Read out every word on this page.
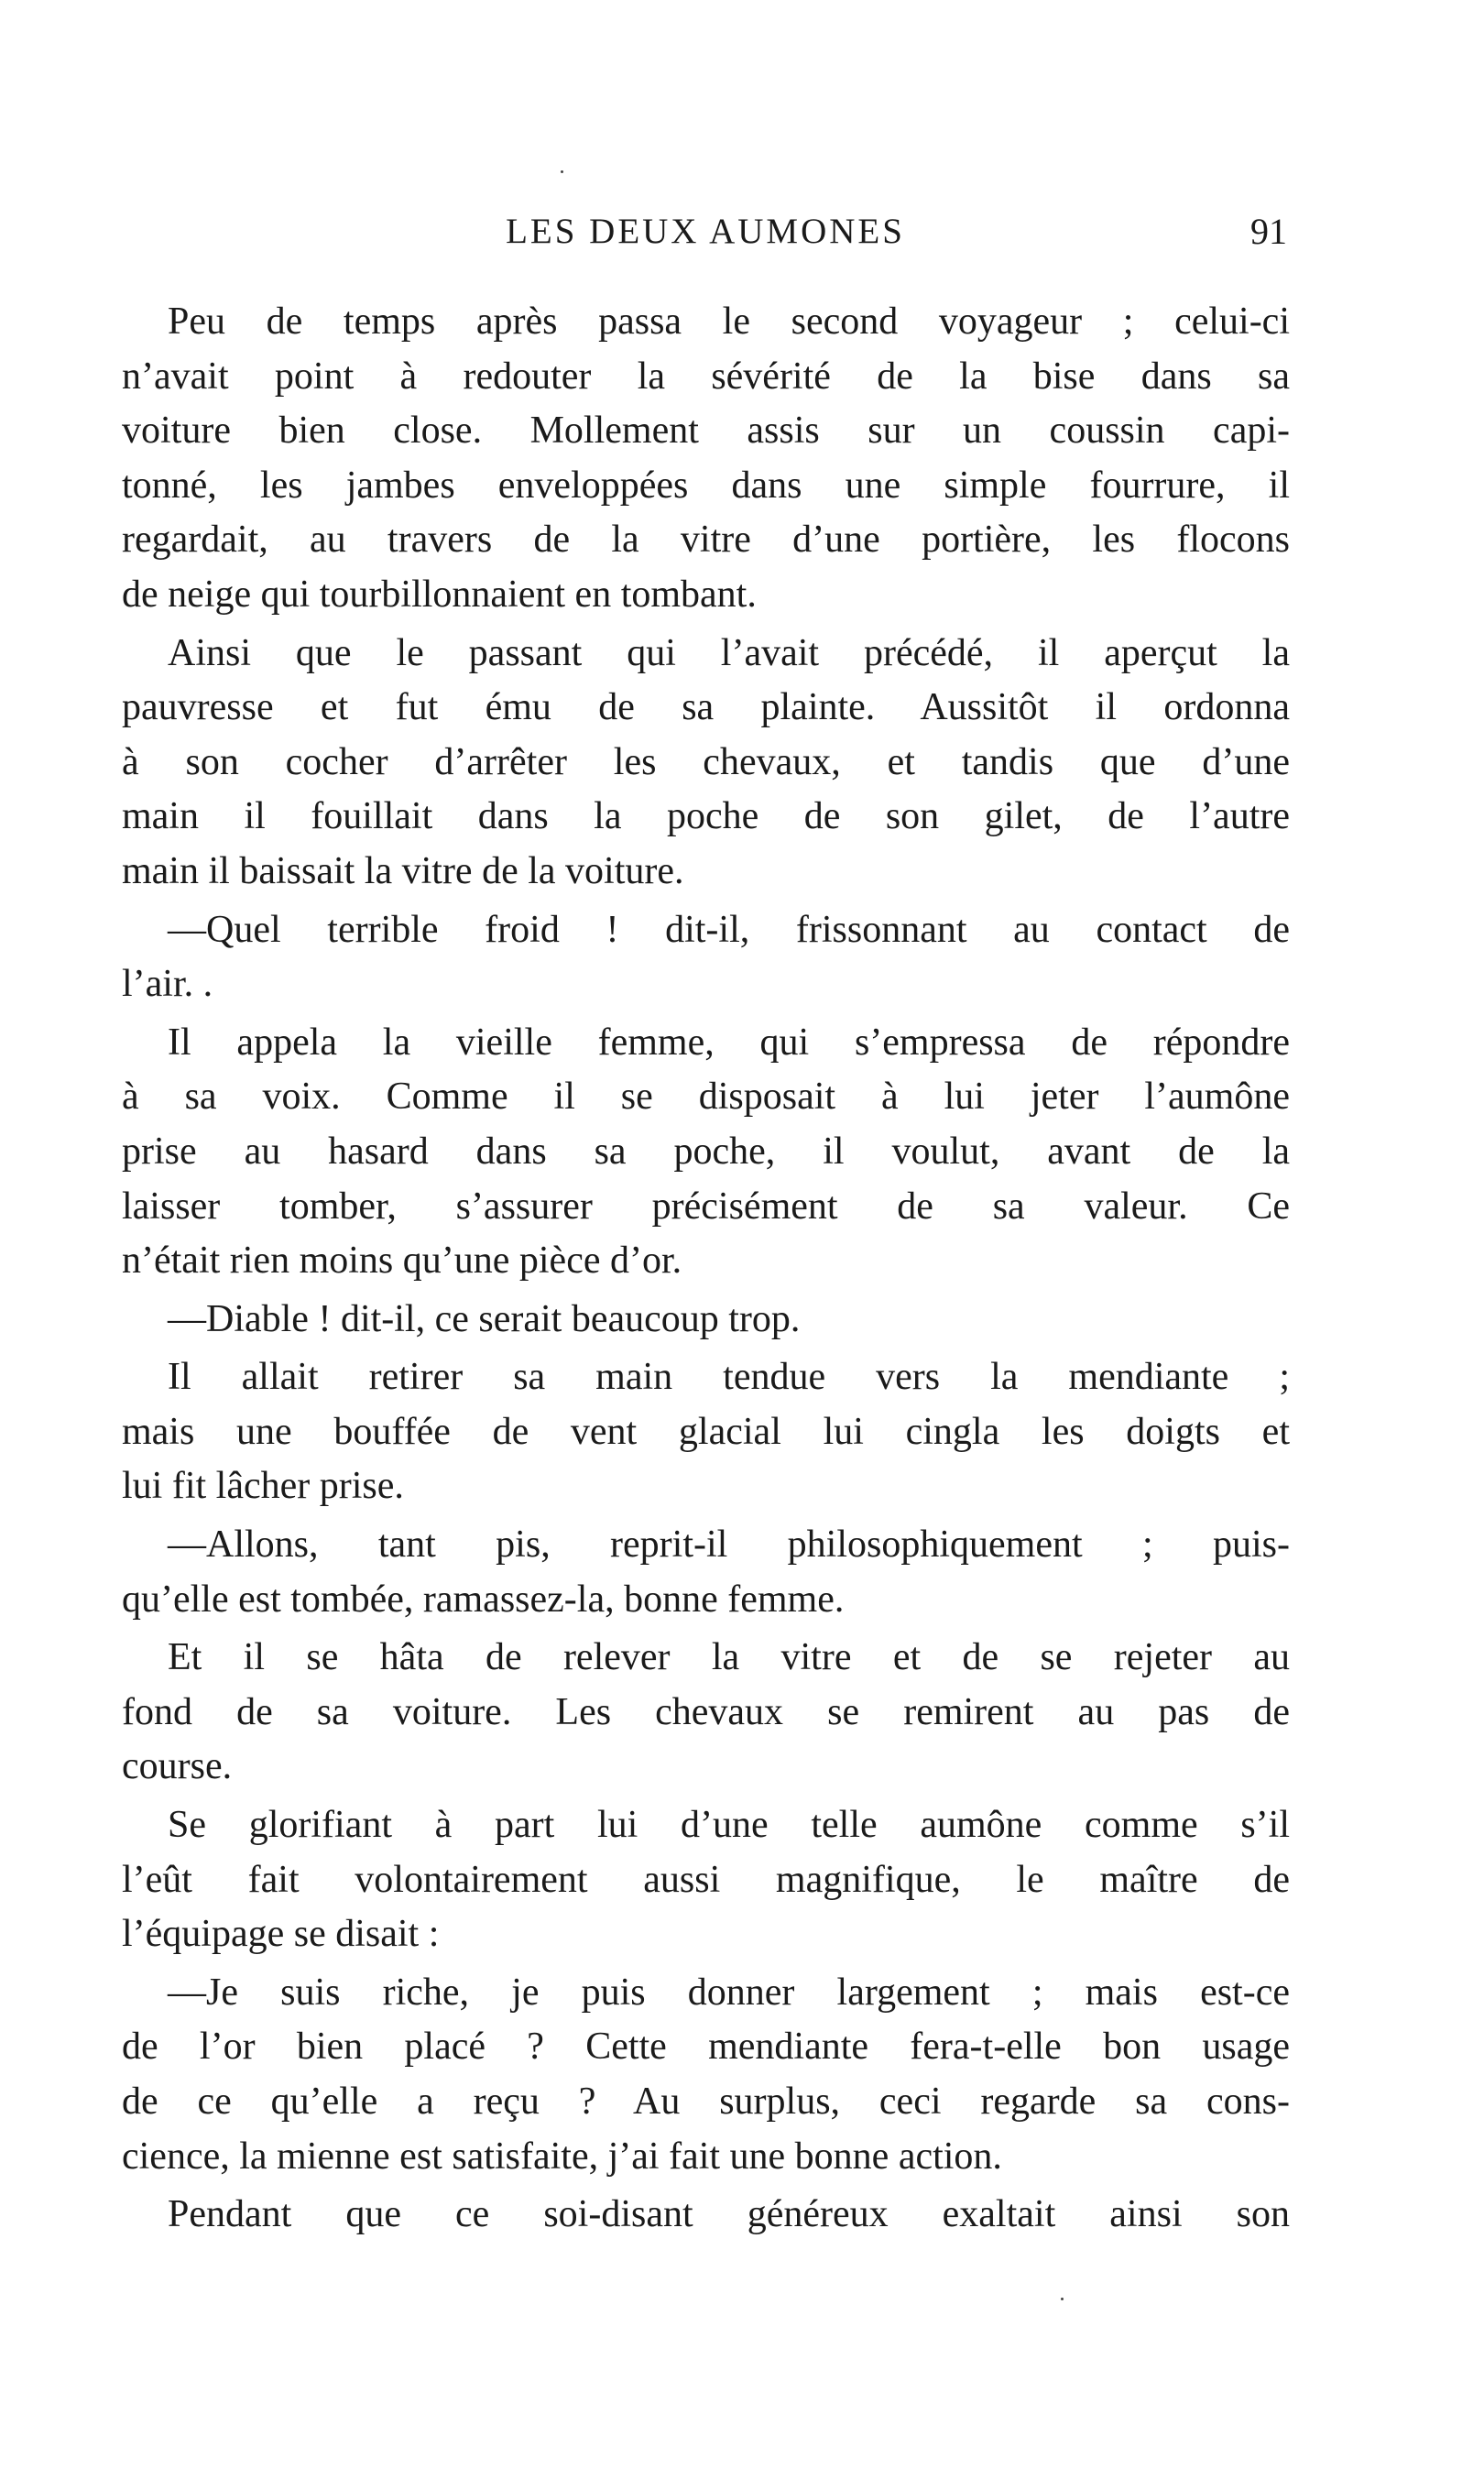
LES DEUX AUMONES	91
Peu de temps après passa le second voyageur ; celui-ci
n’avait point à redouter la sévérité de la bise dans sa
voiture bien close. Mollement assis sur un coussin capi-
tonné, les jambes enveloppées dans une simple fourrure, il
regardait, au travers de la vitre d’une portière, les flocons
de neige qui tourbillonnaient en tombant.
Ainsi que le passant qui l’avait précédé, il aperçut la
pauvresse et fut ému de sa plainte. Aussitôt il ordonna
à son cocher d’arrêter les chevaux, et tandis que d’une
main il fouillait dans la poche de son gilet, de l’autre
main il baissait la vitre de la voiture.
—Quel terrible froid ! dit-il, frissonnant au contact de
l’air. .
Il appela la vieille femme, qui s’empressa de répondre
à sa voix. Comme il se disposait à lui jeter l’aumône
prise au hasard dans sa poche, il voulut, avant de la
laisser tomber, s’assurer précisément de sa valeur. Ce
n’était rien moins qu’une pièce d’or.
—Diable ! dit-il, ce serait beaucoup trop.
Il allait retirer sa main tendue vers la mendiante ;
mais une bouffée de vent glacial lui cingla les doigts et
lui fit lâcher prise.
—Allons, tant pis, reprit-il philosophiquement ; puis-
qu’elle est tombée, ramassez-la, bonne femme.
Et il se hâta de relever la vitre et de se rejeter au
fond de sa voiture. Les chevaux se remirent au pas de
course.
Se glorifiant à part lui d’une telle aumône comme s’il
l’eût fait volontairement aussi magnifique, le maître de
l’équipage se disait :
—Je suis riche, je puis donner largement ; mais est-ce
de l’or bien placé ? Cette mendiante fera-t-elle bon usage
de ce qu’elle a reçu ? Au surplus, ceci regarde sa cons-
cience, la mienne est satisfaite, j’ai fait une bonne action.
Pendant que ce soi-disant généreux exaltait ainsi son
